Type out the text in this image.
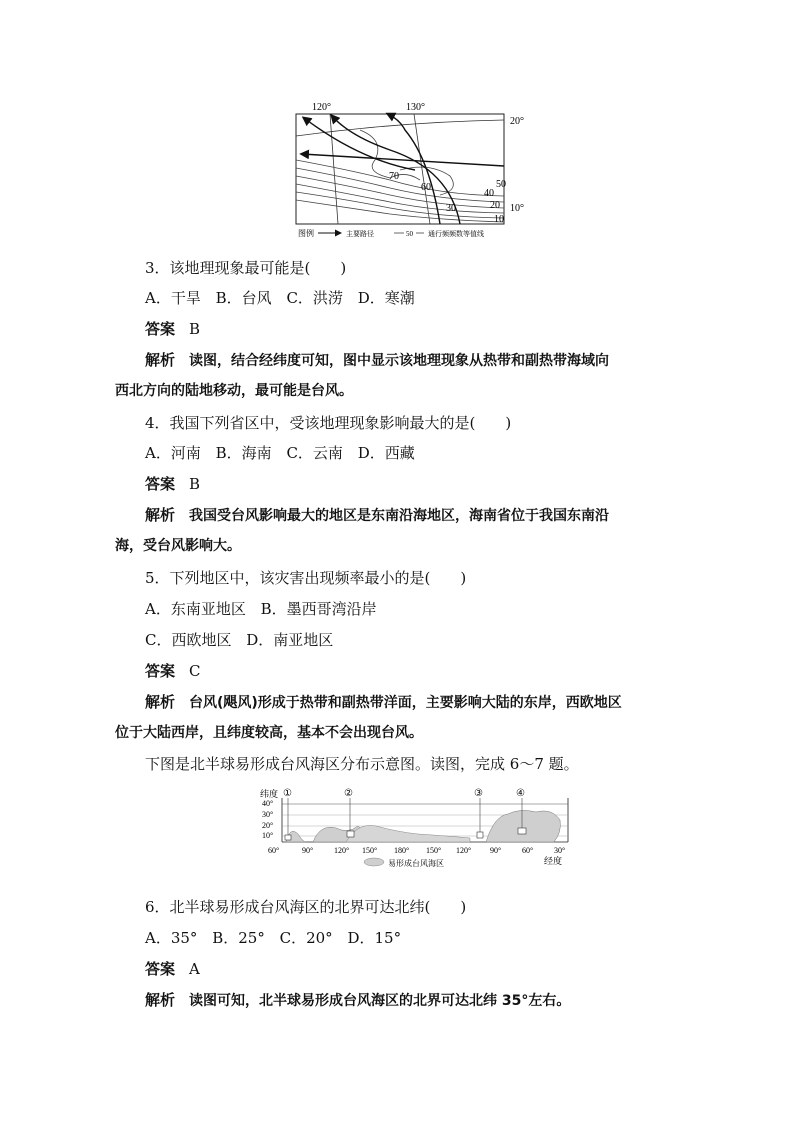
120°	130°
20°
10°
70
60	50
40
30	20
10
图例	主要路径	50 通行频频数等值线
3．该地理现象最可能是(　　)
A．干旱 B．台风 C．洪涝 D．寒潮
答案 B
解析 读图，结合经纬度可知，图中显示该地理现象从热带和副热带海域向
西北方向的陆地移动，最可能是台风。
4．我国下列省区中，受该地理现象影响最大的是(　　)
A．河南 B．海南 C．云南 D．西藏
答案 B
解析 我国受台风影响最大的地区是东南沿海地区，海南省位于我国东南沿
海，受台风影响大。
5．下列地区中，该灾害出现频率最小的是(　　)
A．东南亚地区 B．墨西哥湾沿岸
C．西欧地区 D．南亚地区
答案 C
解析 台风(飓风)形成于热带和副热带洋面，主要影响大陆的东岸，西欧地区
位于大陆西岸，且纬度较高，基本不会出现台风。
下图是北半球易形成台风海区分布示意图。读图，完成 6～7 题。
纬度
40°
30°
20°
10°
①	②	③	④
60°	90°	120° 150° 180° 150° 120° 90°	60°	30°
经度
易形成台风海区
6．北半球易形成台风海区的北界可达北纬(　　)
A．35° B．25° C．20° D．15°
答案 A
解析 读图可知，北半球易形成台风海区的北界可达北纬 35°左右。
